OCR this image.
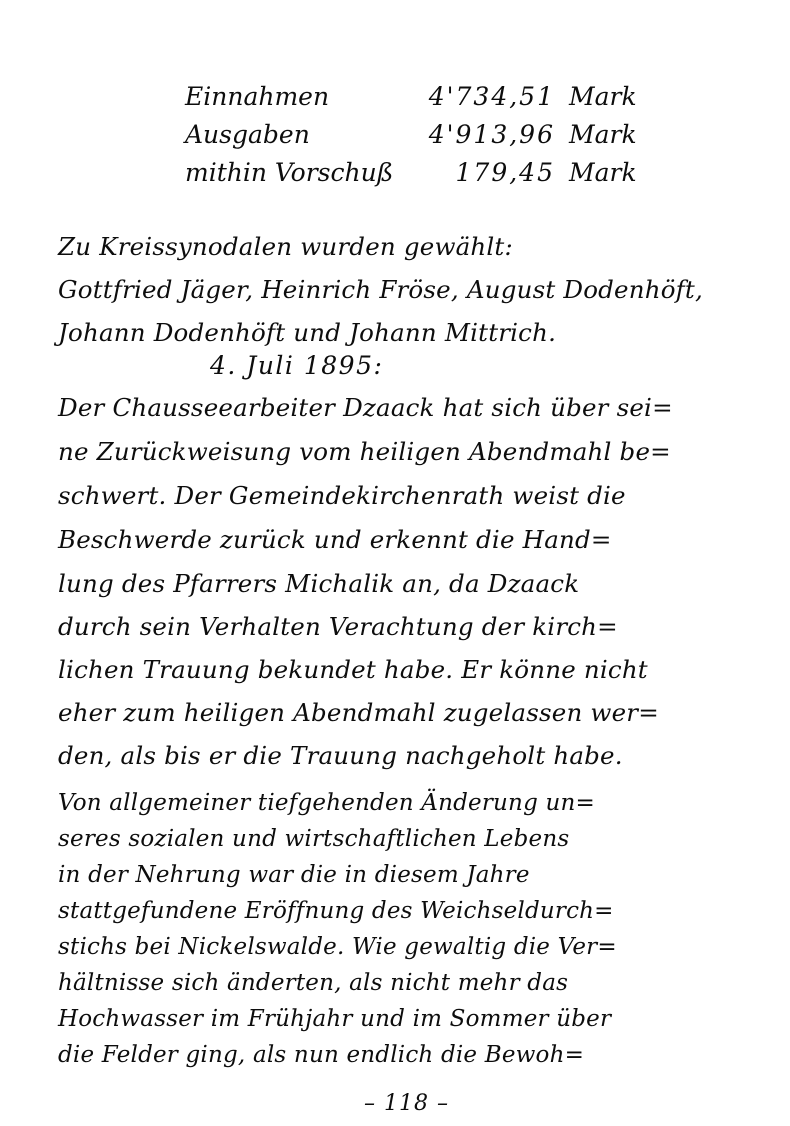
Einnahmen	4'734,51 Mark
Ausgaben	4'913,96 Mark
mithin Vorschuß 179,45 Mark
Zu Kreissynodalen wurden gewählt:
Gottfried Jäger, Heinrich Fröse, August Dodenhöft,
Johann Dodenhöft und Johann Mittrich.
4. Juli 1895:
Der Chausseearbeiter Dzaack hat sich über sei=
ne Zurückweisung vom heiligen Abendmahl be=
schwert. Der Gemeindekirchenrath weist die
Beschwerde zurück und erkennt die Hand=
lung des Pfarrers Michalik an, da Dzaack
durch sein Verhalten Verachtung der kirch=
lichen Trauung bekundet habe. Er könne nicht
eher zum heiligen Abendmahl zugelassen wer=
den, als bis er die Trauung nachgeholt habe.
Von allgemeiner tiefgehenden Änderung un=
seres sozialen und wirtschaftlichen Lebens
in der Nehrung war die in diesem Jahre
stattgefundene Eröffnung des Weichseldurch=
stichs bei Nickelswalde. Wie gewaltig die Ver=
hältnisse sich änderten, als nicht mehr das
– 118 –
Hochwasser im Frühjahr und im Sommer über
die Felder ging, als nun endlich die Bewoh=
